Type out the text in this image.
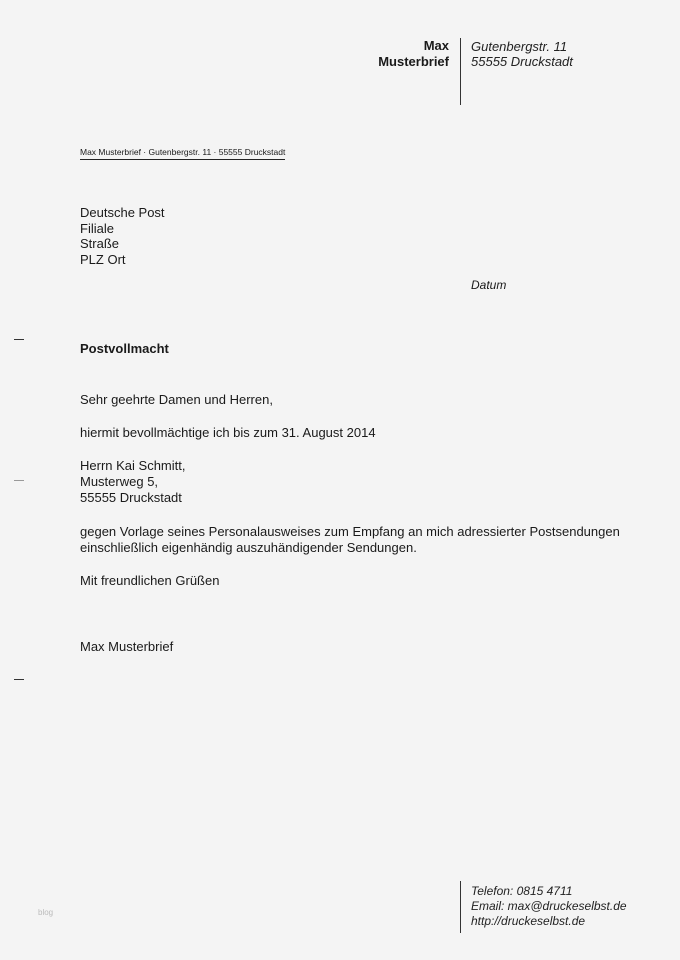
Max
Musterbrief
Gutenbergstr. 11
55555 Druckstadt
Max Musterbrief · Gutenbergstr. 11 · 55555 Druckstadt
Deutsche Post
Filiale
Straße
PLZ Ort
Datum
Postvollmacht
Sehr geehrte Damen und Herren,
hiermit bevollmächtige ich bis zum 31. August 2014
Herrn Kai Schmitt,
Musterweg 5,
55555 Druckstadt
gegen Vorlage seines Personalausweises zum Empfang an mich adressierter Postsendungen
einschließlich eigenhändig auszuhändigender Sendungen.
Mit freundlichen Grüßen
Max Musterbrief
Telefon: 0815 4711
Email: max@druckeselbst.de
http://druckeselbst.de
blog
